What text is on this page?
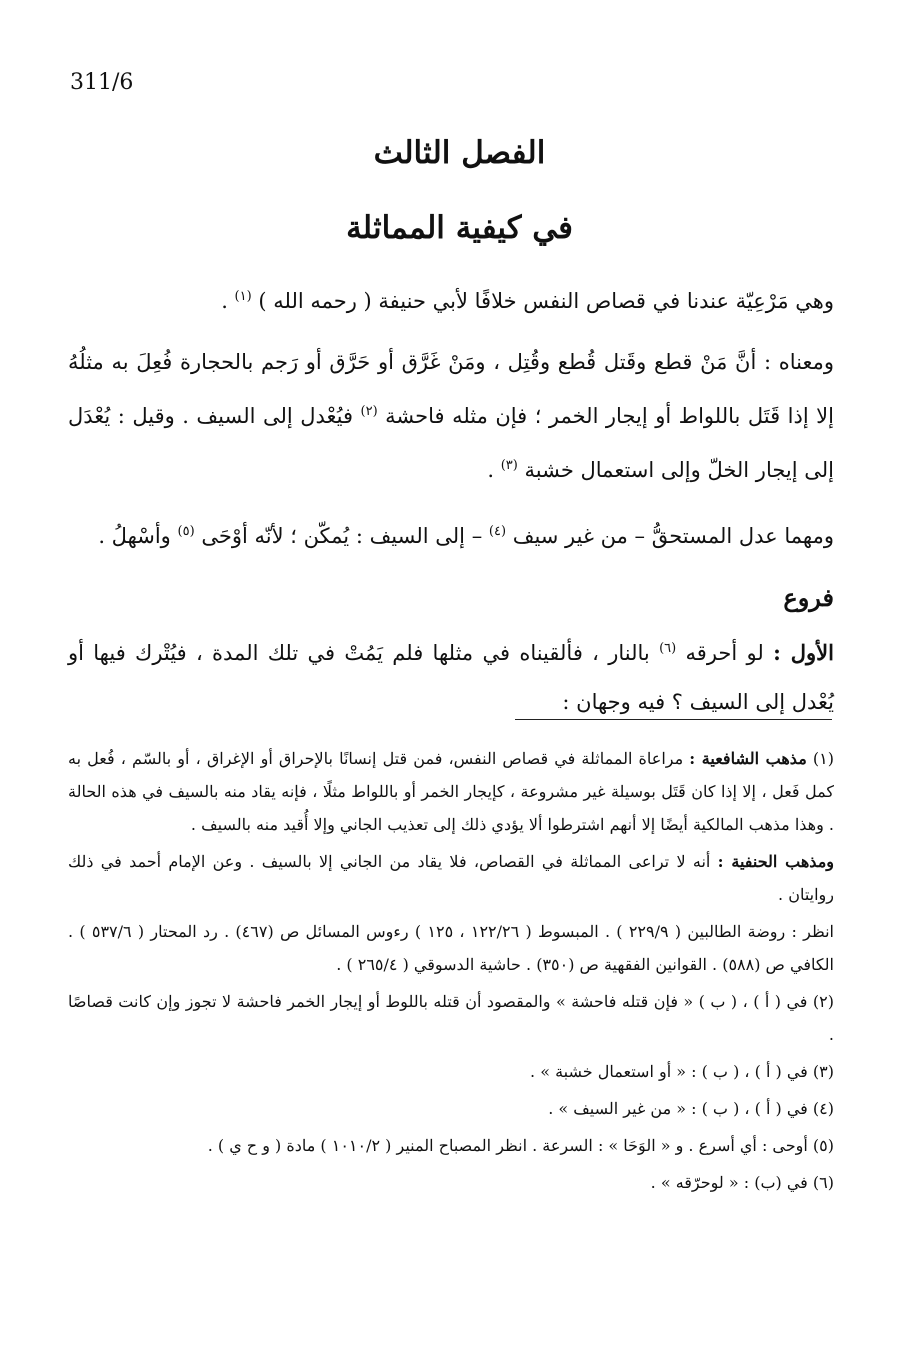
311/6
الفصل الثالث
في كيفية المماثلة

وهي مَرْعِيّة عندنا في قصاص النفس خلافًا لأبي حنيفة ( رحمه الله ) $^{(١)}$ .

ومعناه : أنَّ مَنْ قطع وقَتل قُطع وقُتِل ، ومَنْ غَرَّق أو حَرَّق أو رَجم بالحجارة فُعِلَ به مثلُهُ إلا إذا قَتَل باللواط أو إيجار الخمر ؛ فإن مثله فاحشة $^{(٢)}$ فيُعْدل إلى السيف . وقيل : يُعْدَل إلى إيجار الخلّ وإلى استعمال خشبة $^{(٣)}$ .

ومهما عدل المستحقُّ – من غير سيف $^{(٤)}$ – إلى السيف : يُمكّن ؛ لأنّه أوْحَى $^{(٥)}$ وأسْهلُ .

فروع

الأول : لو أحرقه $^{(٦)}$ بالنار ، فألقيناه في مثلها فلم يَمُتْ في تلك المدة ، فيُتْرك فيها أو يُعْدل إلى السيف ؟ فيه وجهان :

(١) مذهب الشافعية : مراعاة المماثلة في قصاص النفس، فمن قتل إنسانًا بالإحراق أو الإغراق ، أو بالسّم ، فُعل به كمل فَعل ، إلا إذا كان قَتَل بوسيلة غير مشروعة ، كإيجار الخمر أو باللواط مثلًا ، فإنه يقاد منه بالسيف في هذه الحالة . وهذا مذهب المالكية أيضًا إلا أنهم اشترطوا ألا يؤدي ذلك إلى تعذيب الجاني وإلا أُقيد منه بالسيف .

ومذهب الحنفية : أنه لا تراعى المماثلة في القصاص، فلا يقاد من الجاني إلا بالسيف . وعن الإمام أحمد في ذلك روايتان .

انظر : روضة الطالبين ( ٢٢٩/٩ ) . المبسوط ( ١٢٢/٢٦ ، ١٢٥ ) رءوس المسائل ص (٤٦٧) . رد المحتار ( ٥٣٧/٦ ) . الكافي ص (٥٨٨) . القوانين الفقهية ص (٣٥٠) . حاشية الدسوقي ( ٢٦٥/٤ ) .

(٢) في ( أ ) ، ( ب ) « فإن قتله فاحشة » والمقصود أن قتله باللوط أو إيجار الخمر فاحشة لا تجوز وإن كانت قصاصًا .

(٣) في ( أ ) ، ( ب ) : « أو استعمال خشبة » .

(٤) في ( أ ) ، ( ب ) : « من غير السيف » .

(٥) أوحى : أي أسرع . و « الوَحَا » : السرعة . انظر المصباح المنير ( ١٠١٠/٢ ) مادة ( و ح ي ) .

(٦) في (ب) : « لوحرّقه » .
